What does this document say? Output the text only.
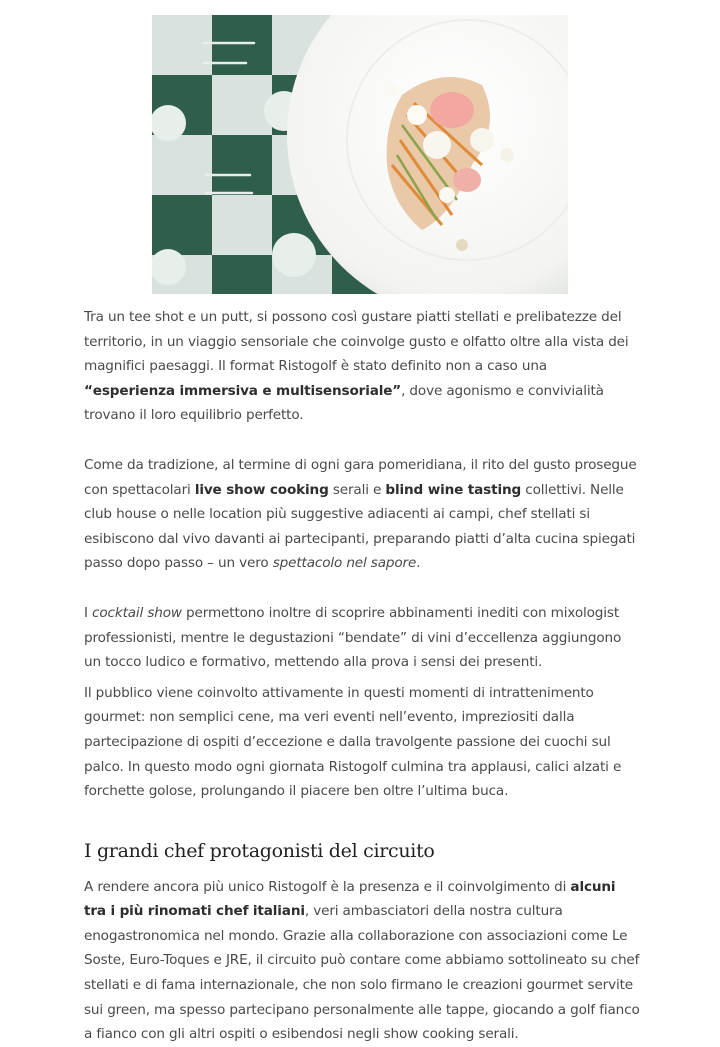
Tra un tee shot e un putt, si possono così gustare piatti stellati e prelibatezze del territorio, in un viaggio sensoriale che coinvolge gusto e olfatto oltre alla vista dei magnifici paesaggi. Il format Ristogolf è stato definito non a caso una “esperienza immersiva e multisensoriale”, dove agonismo e convivialità trovano il loro equilibrio perfetto.

Come da tradizione, al termine di ogni gara pomeridiana, il rito del gusto prosegue con spettacolari live show cooking serali e blind wine tasting collettivi. Nelle club house o nelle location più suggestive adiacenti ai campi, chef stellati si esibiscono dal vivo davanti ai partecipanti, preparando piatti d’alta cucina spiegati passo dopo passo – un vero spettacolo nel sapore.

I cocktail show permettono inoltre di scoprire abbinamenti inediti con mixologist professionisti, mentre le degustazioni “bendate” di vini d’eccellenza aggiungono un tocco ludico e formativo, mettendo alla prova i sensi dei presenti.

Il pubblico viene coinvolto attivamente in questi momenti di intrattenimento gourmet: non semplici cene, ma veri eventi nell’evento, impreziositi dalla partecipazione di ospiti d’eccezione e dalla travolgente passione dei cuochi sul palco. In questo modo ogni giornata Ristogolf culmina tra applausi, calici alzati e forchette golose, prolungando il piacere ben oltre l’ultima buca.

I grandi chef protagonisti del circuito

A rendere ancora più unico Ristogolf è la presenza e il coinvolgimento di alcuni tra i più rinomati chef italiani, veri ambasciatori della nostra cultura enogastronomica nel mondo. Grazie alla collaborazione con associazioni come Le Soste, Euro-Toques e JRE, il circuito può contare come abbiamo sottolineato su chef stellati e di fama internazionale, che non solo firmano le creazioni gourmet servite sui green, ma spesso partecipano personalmente alle tappe, giocando a golf fianco a fianco con gli altri ospiti o esibendosi negli show cooking serali.
